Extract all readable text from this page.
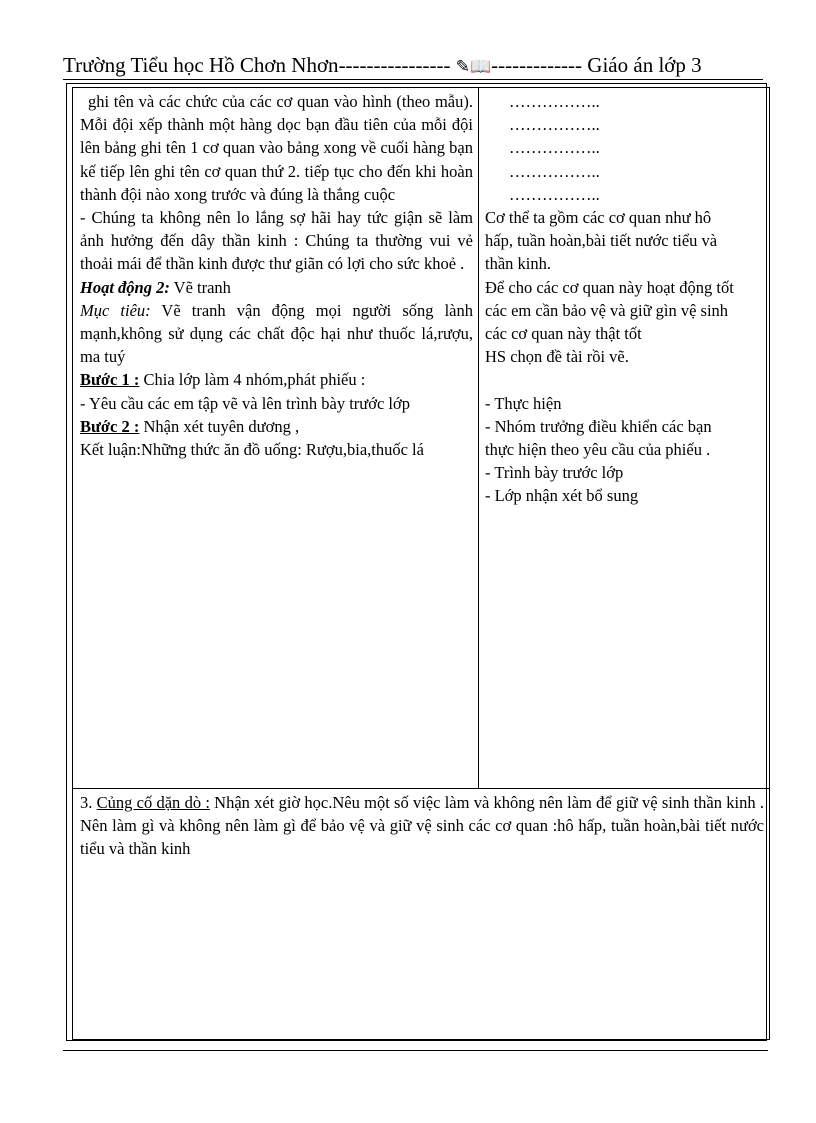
Trường Tiểu học Hồ Chơn Nhơn---------------- ✎📖------------- Giáo án lớp 3

ghi tên và các chức của các cơ quan vào hình (theo mẫu). Mỗi đội xếp thành một hàng dọc bạn đầu tiên của mỗi đội lên bảng ghi tên 1 cơ quan vào bảng xong về cuối hàng bạn kế tiếp lên ghi tên cơ quan thứ 2. tiếp tục cho đến khi hoàn thành đội nào xong trước và đúng là thắng cuộc

- Chúng ta không nên lo lắng sợ hãi hay tức giận sẽ làm ảnh hưởng đến dây thần kinh : Chúng ta thường vui vẻ thoải mái để thần kinh được thư giãn có lợi cho sức khoẻ .

Hoạt động 2: Vẽ tranh

Mục tiêu: Vẽ tranh vận động mọi người sống lành mạnh,không sử dụng các chất độc hại như thuốc lá,rượu, ma tuý

Bước 1 : Chia lớp làm 4 nhóm,phát phiếu :

- Yêu cầu các em tập vẽ và lên trình bày trước lớp

Bước 2 : Nhận xét tuyên dương ,

Kết luận:Những thức ăn đồ uống: Rượu,bia,thuốc lá

……………..

……………..

……………..

……………..

……………..

Cơ thể ta gồm các cơ quan như hô

hấp, tuần hoàn,bài tiết nước tiểu và

thần kinh.

Để cho các cơ quan này hoạt động tốt

các em cần bảo vệ và giữ gìn vệ sinh

các cơ quan này thật tốt

HS chọn đề tài rồi vẽ.

- Thực hiện

- Nhóm trưởng điều khiển các bạn

thực hiện theo yêu cầu của phiếu .

- Trình bày trước lớp

- Lớp nhận xét bổ sung

3. Củng cố dặn dò : Nhận xét giờ học.Nêu một số việc làm và không nên làm để giữ vệ sinh thần kinh . Nên làm gì và không nên làm gì để bảo vệ và giữ vệ sinh các cơ quan :hô hấp, tuần hoàn,bài tiết nước tiểu và thần kinh
